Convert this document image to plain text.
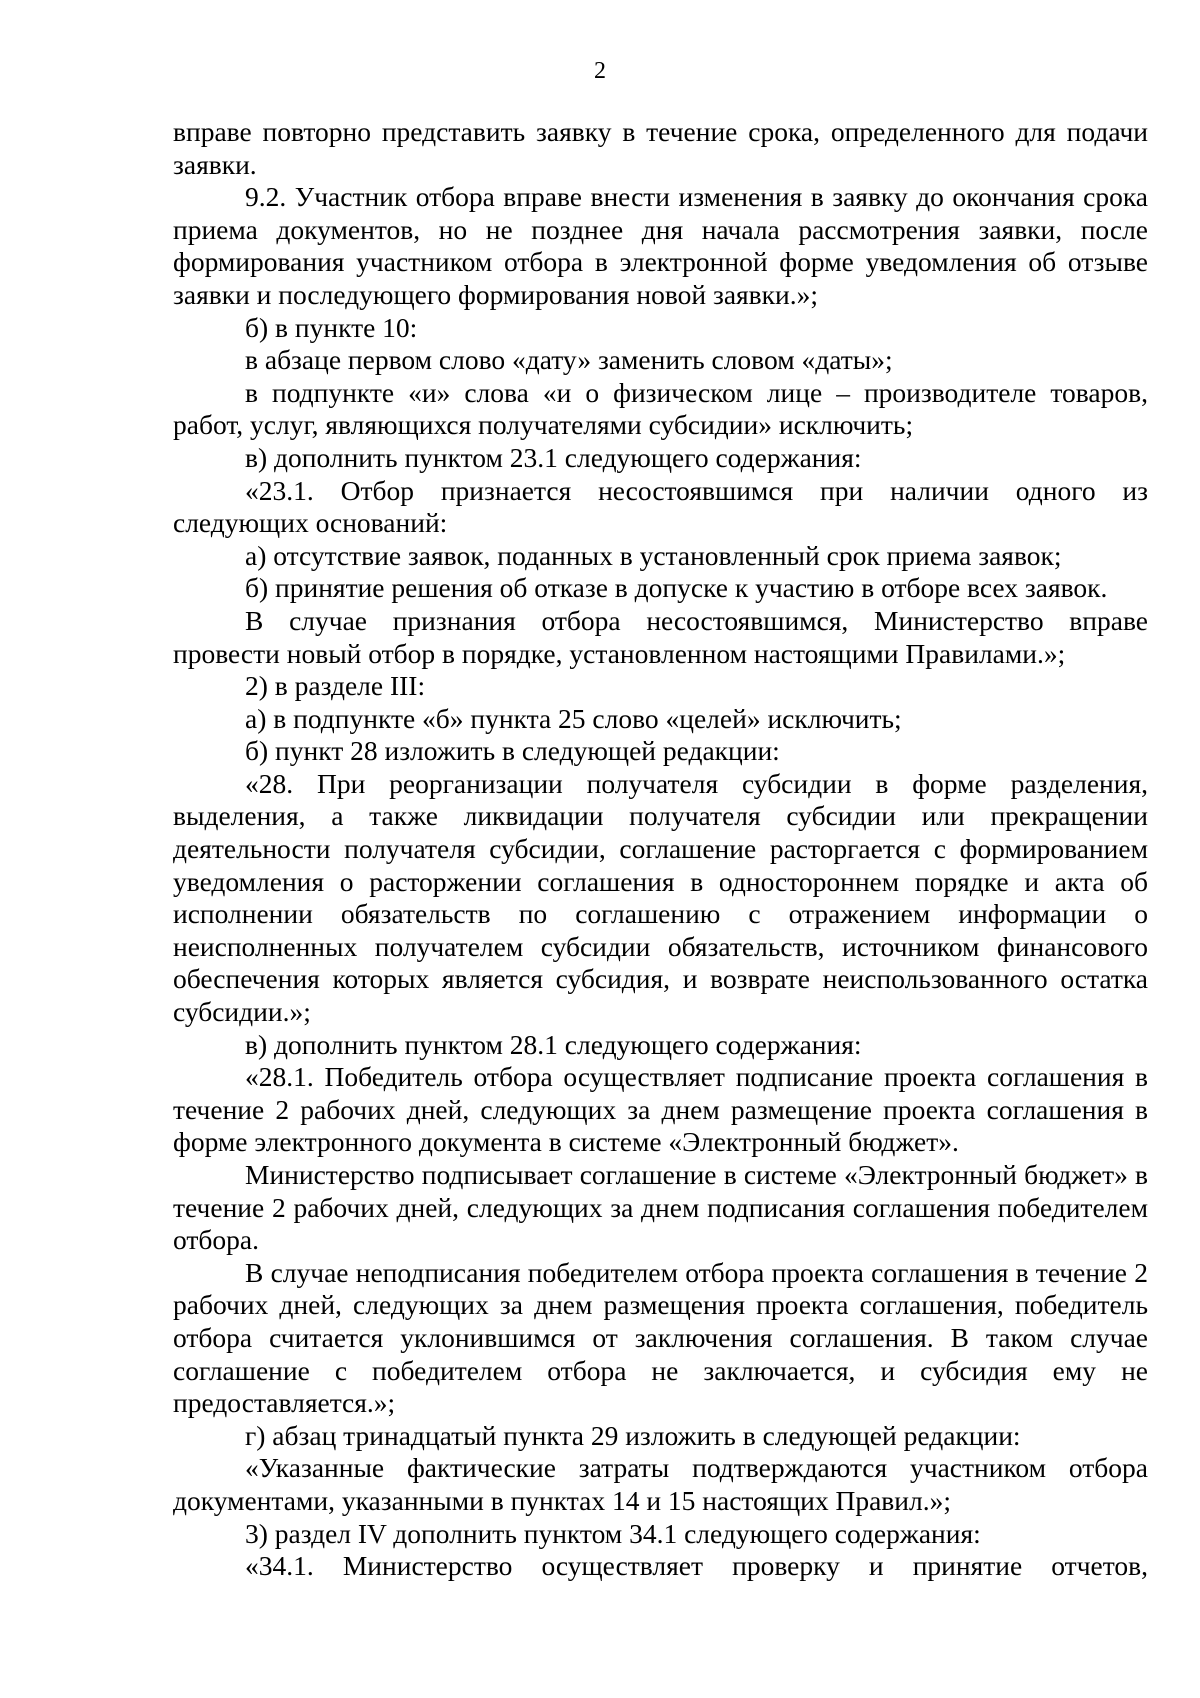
2

вправе повторно представить заявку в течение срока, определенного для подачи заявки.

9.2. Участник отбора вправе внести изменения в заявку до окончания срока приема документов, но не позднее дня начала рассмотрения заявки, после формирования участником отбора в электронной форме уведомления об отзыве заявки и последующего формирования новой заявки.»;

б) в пункте 10:

в абзаце первом слово «дату» заменить словом «даты»;

в подпункте «и» слова «и о физическом лице – производителе товаров, работ, услуг, являющихся получателями субсидии» исключить;

в) дополнить пунктом 23.1 следующего содержания:

«23.1. Отбор признается несостоявшимся при наличии одного из следующих оснований:

а) отсутствие заявок, поданных в установленный срок приема заявок;

б) принятие решения об отказе в допуске к участию в отборе всех заявок.

В случае признания отбора несостоявшимся, Министерство вправе провести новый отбор в порядке, установленном настоящими Правилами.»;

2) в разделе III:

а) в подпункте «б» пункта 25 слово «целей» исключить;

б) пункт 28 изложить в следующей редакции:

«28. При реорганизации получателя субсидии в форме разделения, выделения, а также ликвидации получателя субсидии или прекращении деятельности получателя субсидии, соглашение расторгается с формированием уведомления о расторжении соглашения в одностороннем порядке и акта об исполнении обязательств по соглашению с отражением информации о неисполненных получателем субсидии обязательств, источником финансового обеспечения которых является субсидия, и возврате неиспользованного остатка субсидии.»;

в) дополнить пунктом 28.1 следующего содержания:

«28.1. Победитель отбора осуществляет подписание проекта соглашения в течение 2 рабочих дней, следующих за днем размещение проекта соглашения в форме электронного документа в системе «Электронный бюджет».

Министерство подписывает соглашение в системе «Электронный бюджет» в течение 2 рабочих дней, следующих за днем подписания соглашения победителем отбора.

В случае неподписания победителем отбора проекта соглашения в течение 2 рабочих дней, следующих за днем размещения проекта соглашения, победитель отбора считается уклонившимся от заключения соглашения. В таком случае соглашение с победителем отбора не заключается, и субсидия ему не предоставляется.»;

г) абзац тринадцатый пункта 29 изложить в следующей редакции:

«Указанные фактические затраты подтверждаются участником отбора документами, указанными в пунктах 14 и 15 настоящих Правил.»;

3) раздел IV дополнить пунктом 34.1 следующего содержания:

«34.1. Министерство осуществляет проверку и принятие отчетов,
